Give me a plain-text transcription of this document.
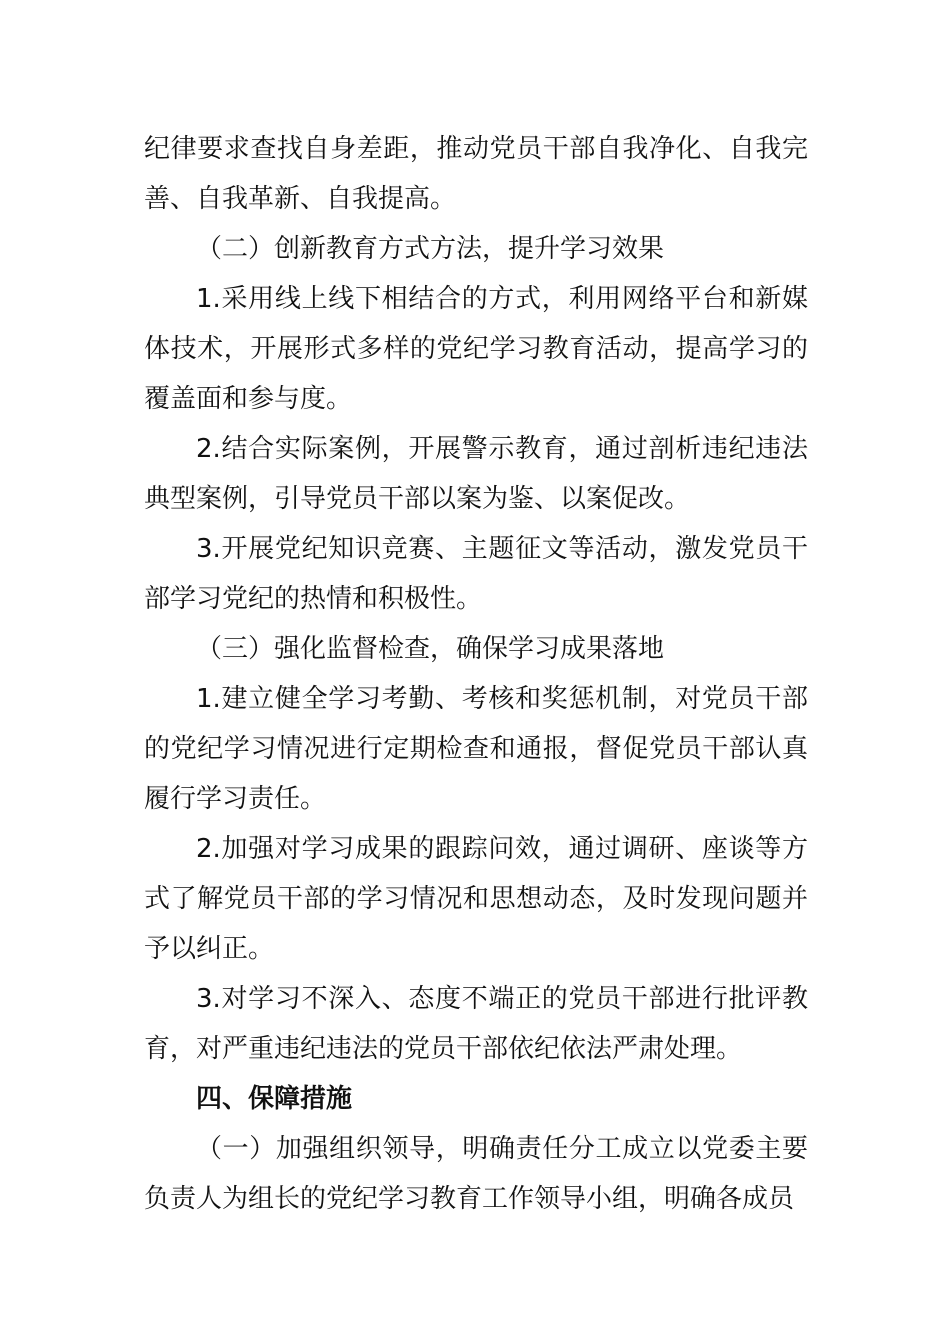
纪律要求查找自身差距，推动党员干部自我净化、自我完善、自我革新、自我提高。

（二）创新教育方式方法，提升学习效果

1.采用线上线下相结合的方式，利用网络平台和新媒体技术，开展形式多样的党纪学习教育活动，提高学习的覆盖面和参与度。

2.结合实际案例，开展警示教育，通过剖析违纪违法典型案例，引导党员干部以案为鉴、以案促改。

3.开展党纪知识竞赛、主题征文等活动，激发党员干部学习党纪的热情和积极性。

（三）强化监督检查，确保学习成果落地

1.建立健全学习考勤、考核和奖惩机制，对党员干部的党纪学习情况进行定期检查和通报，督促党员干部认真履行学习责任。

2.加强对学习成果的跟踪问效，通过调研、座谈等方式了解党员干部的学习情况和思想动态，及时发现问题并予以纠正。

3.对学习不深入、态度不端正的党员干部进行批评教育，对严重违纪违法的党员干部依纪依法严肃处理。

四、保障措施

（一）加强组织领导，明确责任分工成立以党委主要负责人为组长的党纪学习教育工作领导小组，明确各成员
